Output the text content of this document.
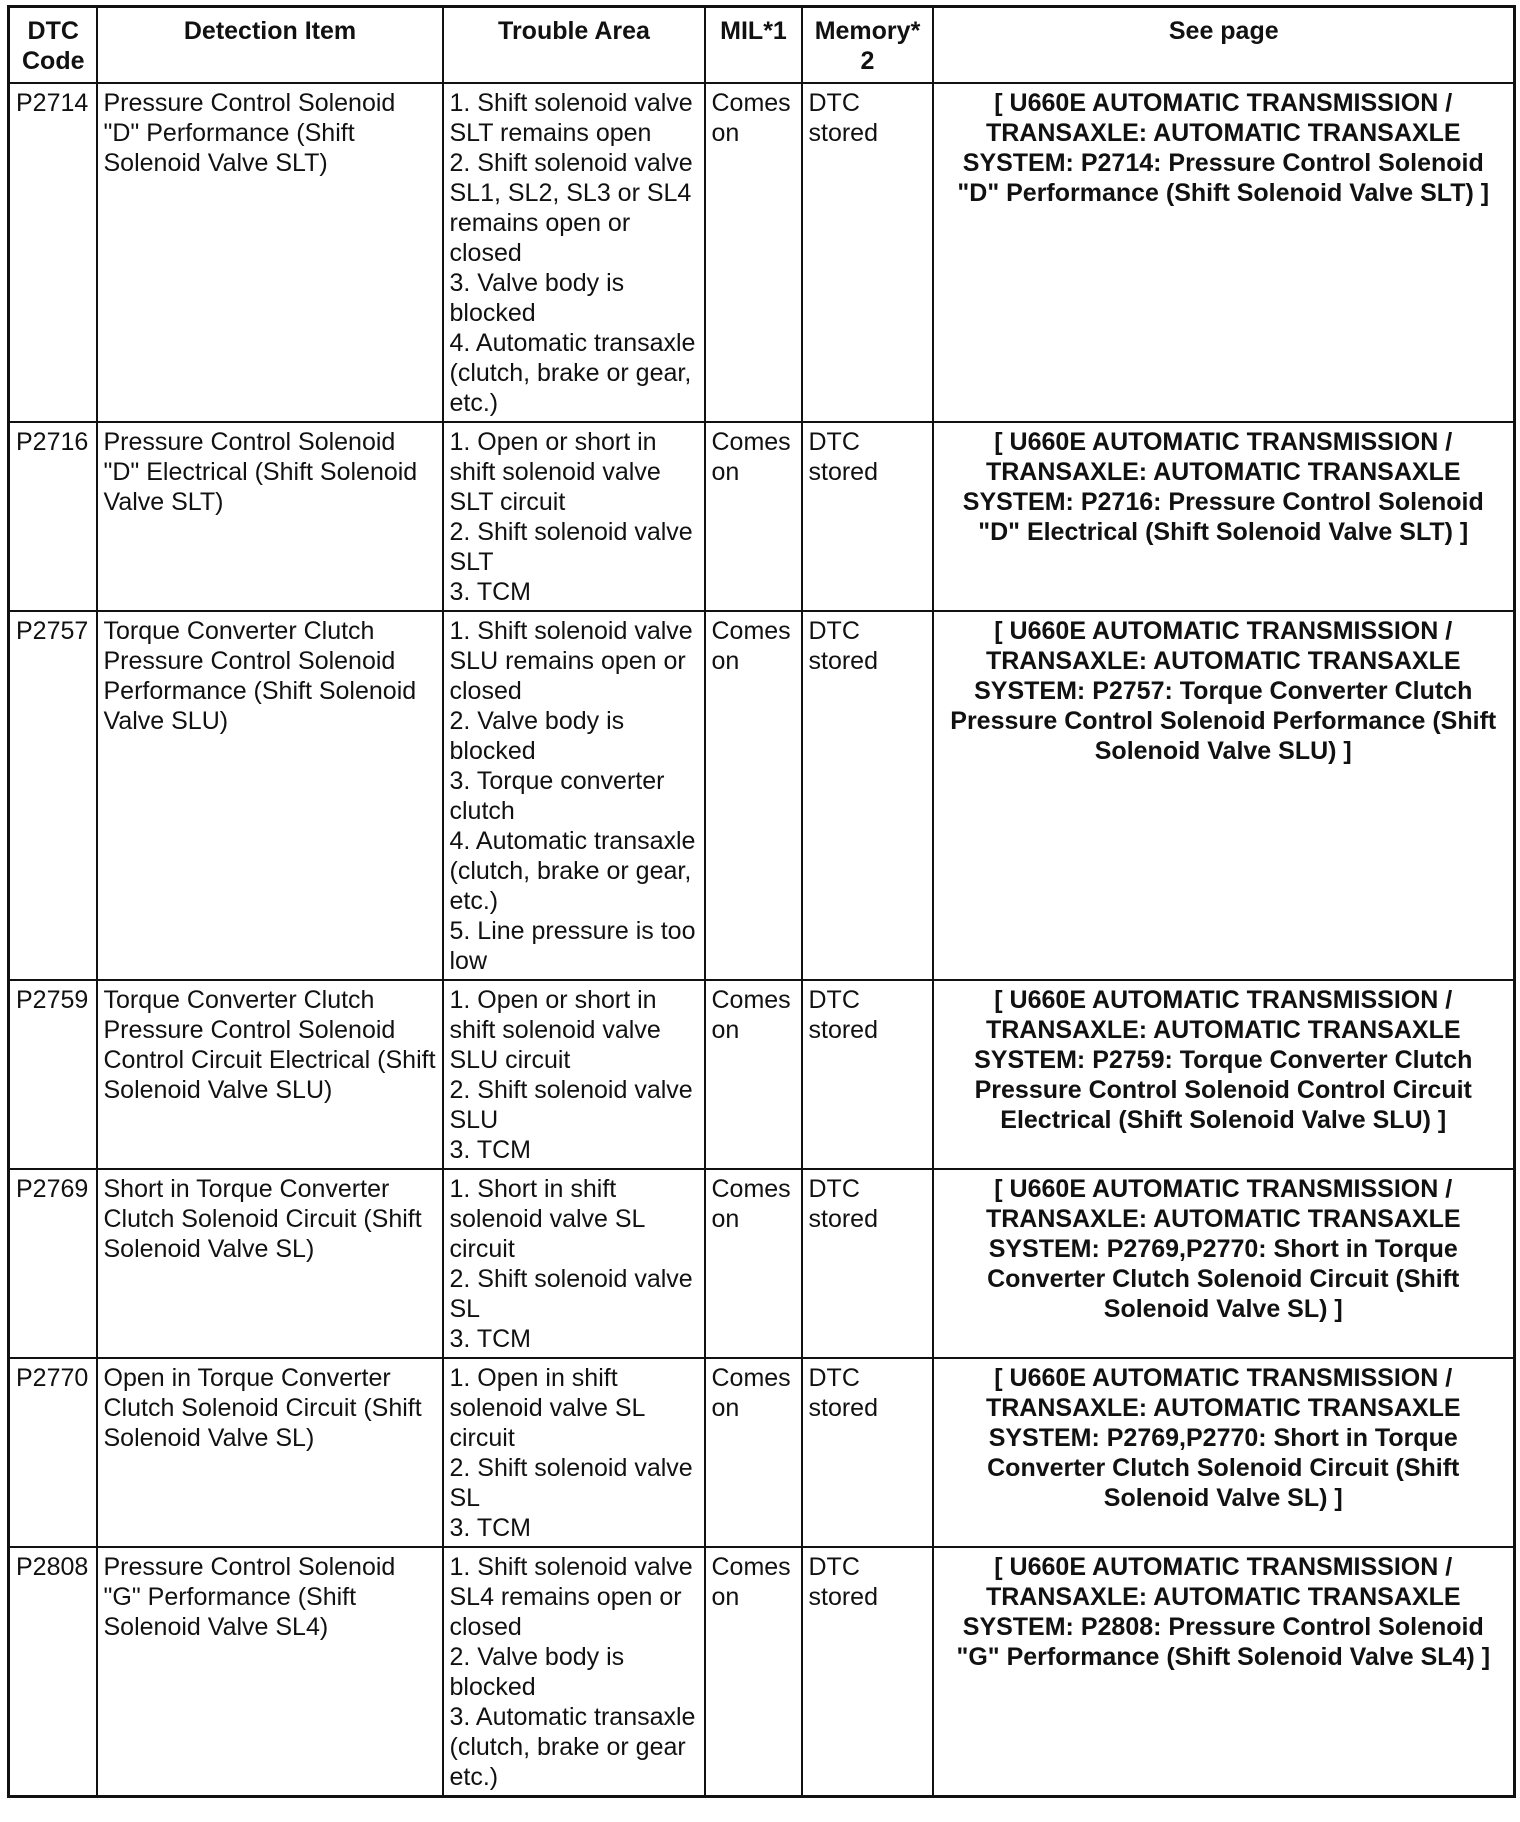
DTC Code	Detection Item	Trouble Area	MIL*1	Memory*2	See page
P2714	Pressure Control Solenoid "D" Performance (Shift Solenoid Valve SLT)	1. Shift solenoid valve SLT remains open
2. Shift solenoid valve SL1, SL2, SL3 or SL4 remains open or closed
3. Valve body is blocked
4. Automatic transaxle (clutch, brake or gear, etc.)	Comes on	DTC stored	[ U660E AUTOMATIC TRANSMISSION / TRANSAXLE: AUTOMATIC TRANSAXLE SYSTEM: P2714: Pressure Control Solenoid "D" Performance (Shift Solenoid Valve SLT) ]
P2716	Pressure Control Solenoid "D" Electrical (Shift Solenoid Valve SLT)	1. Open or short in shift solenoid valve SLT circuit
2. Shift solenoid valve SLT
3. TCM	Comes on	DTC stored	[ U660E AUTOMATIC TRANSMISSION / TRANSAXLE: AUTOMATIC TRANSAXLE SYSTEM: P2716: Pressure Control Solenoid "D" Electrical (Shift Solenoid Valve SLT) ]
P2757	Torque Converter Clutch Pressure Control Solenoid Performance (Shift Solenoid Valve SLU)	1. Shift solenoid valve SLU remains open or closed
2. Valve body is blocked
3. Torque converter clutch
4. Automatic transaxle (clutch, brake or gear, etc.)
5. Line pressure is too low	Comes on	DTC stored	[ U660E AUTOMATIC TRANSMISSION / TRANSAXLE: AUTOMATIC TRANSAXLE SYSTEM: P2757: Torque Converter Clutch Pressure Control Solenoid Performance (Shift Solenoid Valve SLU) ]
P2759	Torque Converter Clutch Pressure Control Solenoid Control Circuit Electrical (Shift Solenoid Valve SLU)	1. Open or short in shift solenoid valve SLU circuit
2. Shift solenoid valve SLU
3. TCM	Comes on	DTC stored	[ U660E AUTOMATIC TRANSMISSION / TRANSAXLE: AUTOMATIC TRANSAXLE SYSTEM: P2759: Torque Converter Clutch Pressure Control Solenoid Control Circuit Electrical (Shift Solenoid Valve SLU) ]
P2769	Short in Torque Converter Clutch Solenoid Circuit (Shift Solenoid Valve SL)	1. Short in shift solenoid valve SL circuit
2. Shift solenoid valve SL
3. TCM	Comes on	DTC stored	[ U660E AUTOMATIC TRANSMISSION / TRANSAXLE: AUTOMATIC TRANSAXLE SYSTEM: P2769,P2770: Short in Torque Converter Clutch Solenoid Circuit (Shift Solenoid Valve SL) ]
P2770	Open in Torque Converter Clutch Solenoid Circuit (Shift Solenoid Valve SL)	1. Open in shift solenoid valve SL circuit
2. Shift solenoid valve SL
3. TCM	Comes on	DTC stored	[ U660E AUTOMATIC TRANSMISSION / TRANSAXLE: AUTOMATIC TRANSAXLE SYSTEM: P2769,P2770: Short in Torque Converter Clutch Solenoid Circuit (Shift Solenoid Valve SL) ]
P2808	Pressure Control Solenoid "G" Performance (Shift Solenoid Valve SL4)	1. Shift solenoid valve SL4 remains open or closed
2. Valve body is blocked
3. Automatic transaxle (clutch, brake or gear etc.)	Comes on	DTC stored	[ U660E AUTOMATIC TRANSMISSION / TRANSAXLE: AUTOMATIC TRANSAXLE SYSTEM: P2808: Pressure Control Solenoid "G" Performance (Shift Solenoid Valve SL4) ]
